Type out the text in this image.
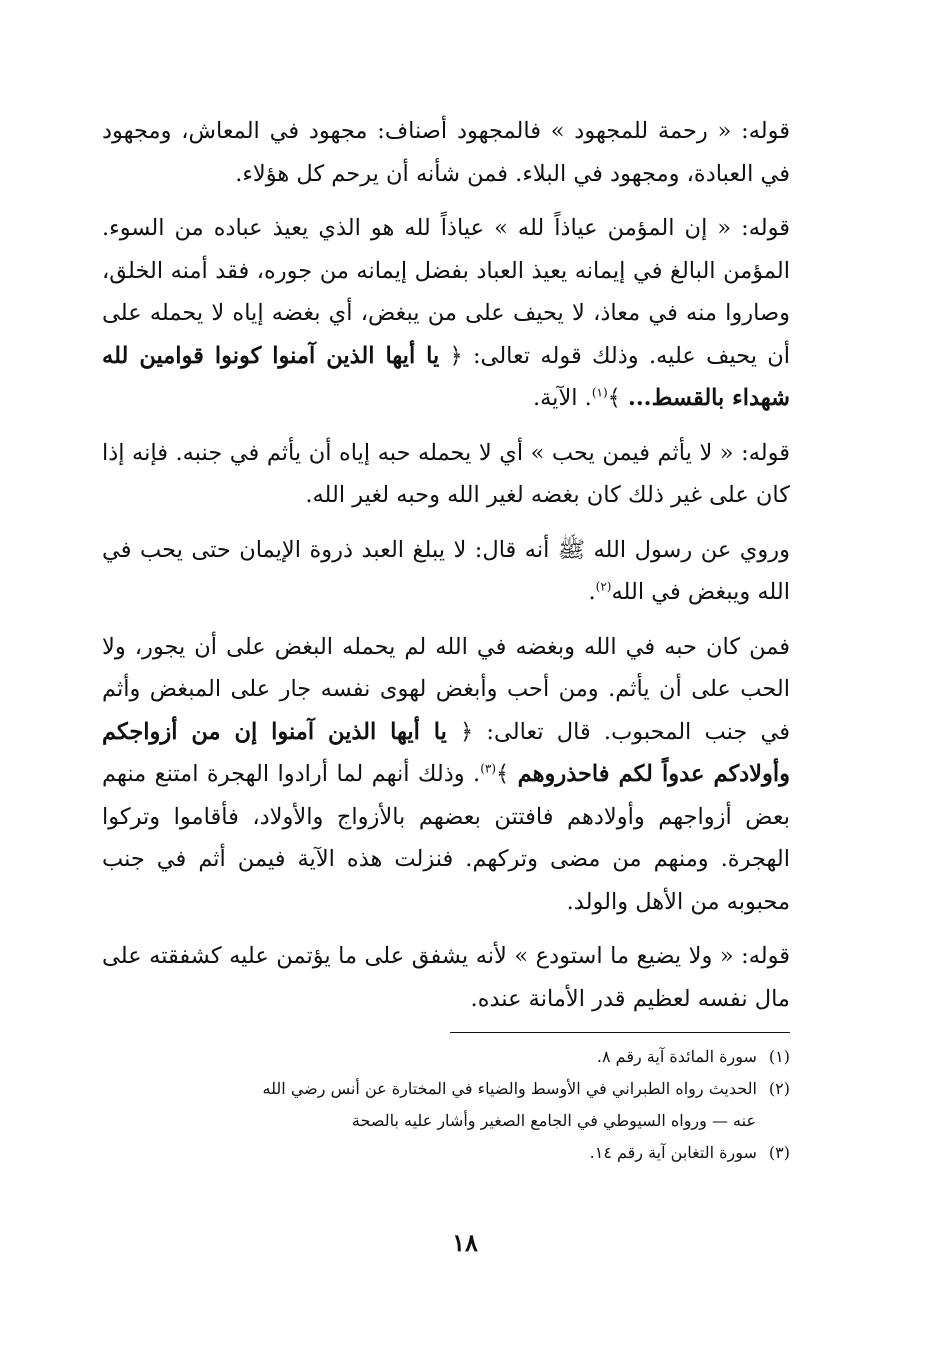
قوله: « رحمة للمجهود » فالمجهود أصناف: مجهود في المعاش، ومجهود في العبادة، ومجهود في البلاء. فمن شأنه أن يرحم كل هؤلاء.

قوله: « إن المؤمن عياذاً لله » عياذاً لله هو الذي يعيذ عباده من السوء. المؤمن البالغ في إيمانه يعيذ العباد بفضل إيمانه من جوره، فقد أمنه الخلق، وصاروا منه في معاذ، لا يحيف على من يبغض، أي بغضه إياه لا يحمله على أن يحيف عليه. وذلك قوله تعالى: ﴿ يا أيها الذين آمنوا كونوا قوامين لله شهداء بالقسط... ﴾$^{(١)}$. الآية.

قوله: « لا يأثم فيمن يحب » أي لا يحمله حبه إياه أن يأثم في جنبه. فإنه إذا كان على غير ذلك كان بغضه لغير الله وحبه لغير الله.

وروي عن رسول الله ﷺ أنه قال: لا يبلغ العبد ذروة الإيمان حتى يحب في الله ويبغض في الله$^{(٢)}$.

فمن كان حبه في الله وبغضه في الله لم يحمله البغض على أن يجور، ولا الحب على أن يأثم. ومن أحب وأبغض لهوى نفسه جار على المبغض وأثم في جنب المحبوب. قال تعالى: ﴿ يا أيها الذين آمنوا إن من أزواجكم وأولادكم عدواً لكم فاحذروهم ﴾$^{(٣)}$. وذلك أنهم لما أرادوا الهجرة امتنع منهم بعض أزواجهم وأولادهم فافتتن بعضهم بالأزواج والأولاد، فأقاموا وتركوا الهجرة. ومنهم من مضى وتركهم. فنزلت هذه الآية فيمن أثم في جنب محبوبه من الأهل والولد.

قوله: « ولا يضيع ما استودع » لأنه يشفق على ما يؤتمن عليه كشفقته على مال نفسه لعظيم قدر الأمانة عنده.

(١) سورة المائدة آية رقم ٨.

(٢) الحديث رواه الطبراني في الأوسط والضياء في المختارة عن أنس رضي الله

عنه — ورواه السيوطي في الجامع الصغير وأشار عليه بالصحة

(٣) سورة التغابن آية رقم ١٤.

١٨
